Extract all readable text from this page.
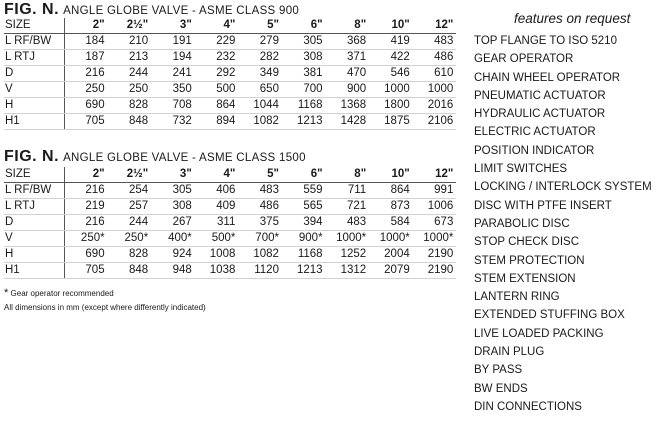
FIG. N. ANGLE GLOBE VALVE - ASME CLASS 900
SIZE	2"	2½"	3"	4"	5"	6"	8"	10"	12"
L RF/BW	184	210	191	229	279	305	368	419	483
L RTJ	187	213	194	232	282	308	371	422	486
D	216	244	241	292	349	381	470	546	610
V	250	250	350	500	650	700	900	1000	1000
H	690	828	708	864	1044	1168	1368	1800	2016
H1	705	848	732	894	1082	1213	1428	1875	2106
FIG. N. ANGLE GLOBE VALVE - ASME CLASS 1500
SIZE	2"	2½"	3"	4"	5"	6"	8"	10"	12"
L RF/BW	216	254	305	406	483	559	711	864	991
L RTJ	219	257	308	409	486	565	721	873	1006
D	216	244	267	311	375	394	483	584	673
V	250*	250*	400*	500*	700*	900*	1000*	1000*	1000*
H	690	828	924	1008	1082	1168	1252	2004	2190
H1	705	848	948	1038	1120	1213	1312	2079	2190
* Gear operator recommended
All dimensions in mm (except where differently indicated)
features on request
TOP FLANGE TO ISO 5210
GEAR OPERATOR
CHAIN WHEEL OPERATOR
PNEUMATIC ACTUATOR
HYDRAULIC ACTUATOR
ELECTRIC ACTUATOR
POSITION INDICATOR
LIMIT SWITCHES
LOCKING / INTERLOCK SYSTEM
DISC WITH PTFE INSERT
PARABOLIC DISC
STOP CHECK DISC
STEM PROTECTION
STEM EXTENSION
LANTERN RING
EXTENDED STUFFING BOX
LIVE LOADED PACKING
DRAIN PLUG
BY PASS
BW ENDS
DIN CONNECTIONS
